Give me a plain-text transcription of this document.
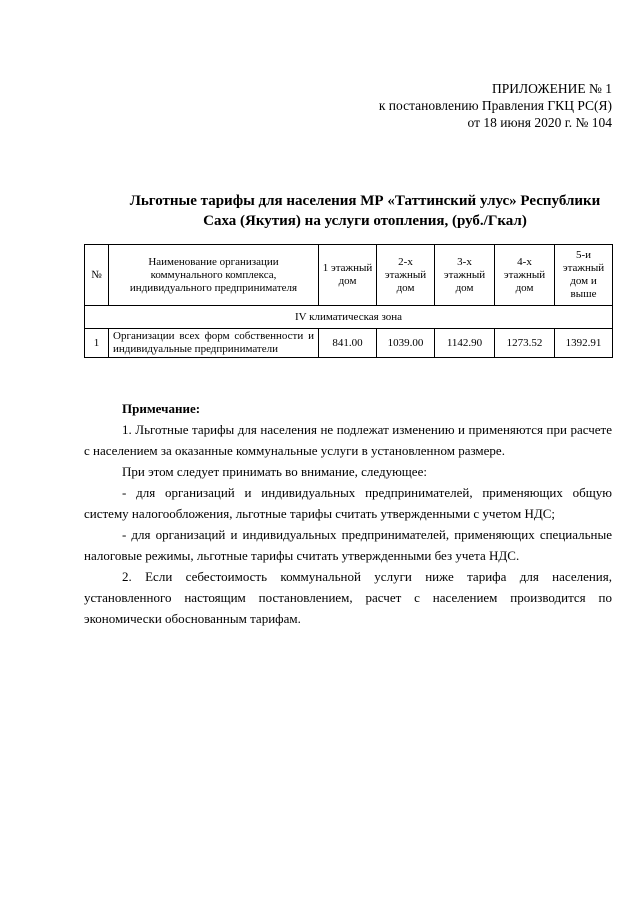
ПРИЛОЖЕНИЕ № 1
к постановлению Правления ГКЦ РС(Я)
от 18 июня 2020 г. № 104
Льготные тарифы для населения МР «Таттинский улус» Республики Саха (Якутия) на услуги отопления, (руб./Гкал)
№	Наименование организации коммунального комплекса, индивидуального предпринимателя	1 этажный дом	2-х этажный дом	3-х этажный дом	4-х этажный дом	5-и этажный дом и выше
IV климатическая зона						
1	Организации всех форм собственности и индивидуальные предприниматели	841.00	1039.00	1142.90	1273.52	1392.91

Примечание:

1. Льготные тарифы для населения не подлежат изменению и применяются при расчете с населением за оказанные коммунальные услуги в установленном размере.

При этом следует принимать во внимание, следующее:

- для организаций и индивидуальных предпринимателей, применяющих общую систему налогообложения, льготные тарифы считать утвержденными с учетом НДС;

- для организаций и индивидуальных предпринимателей, применяющих специальные налоговые режимы, льготные тарифы считать утвержденными без учета НДС.

2. Если себестоимость коммунальной услуги ниже тарифа для населения, установленного настоящим постановлением, расчет с населением производится по экономически обоснованным тарифам.
